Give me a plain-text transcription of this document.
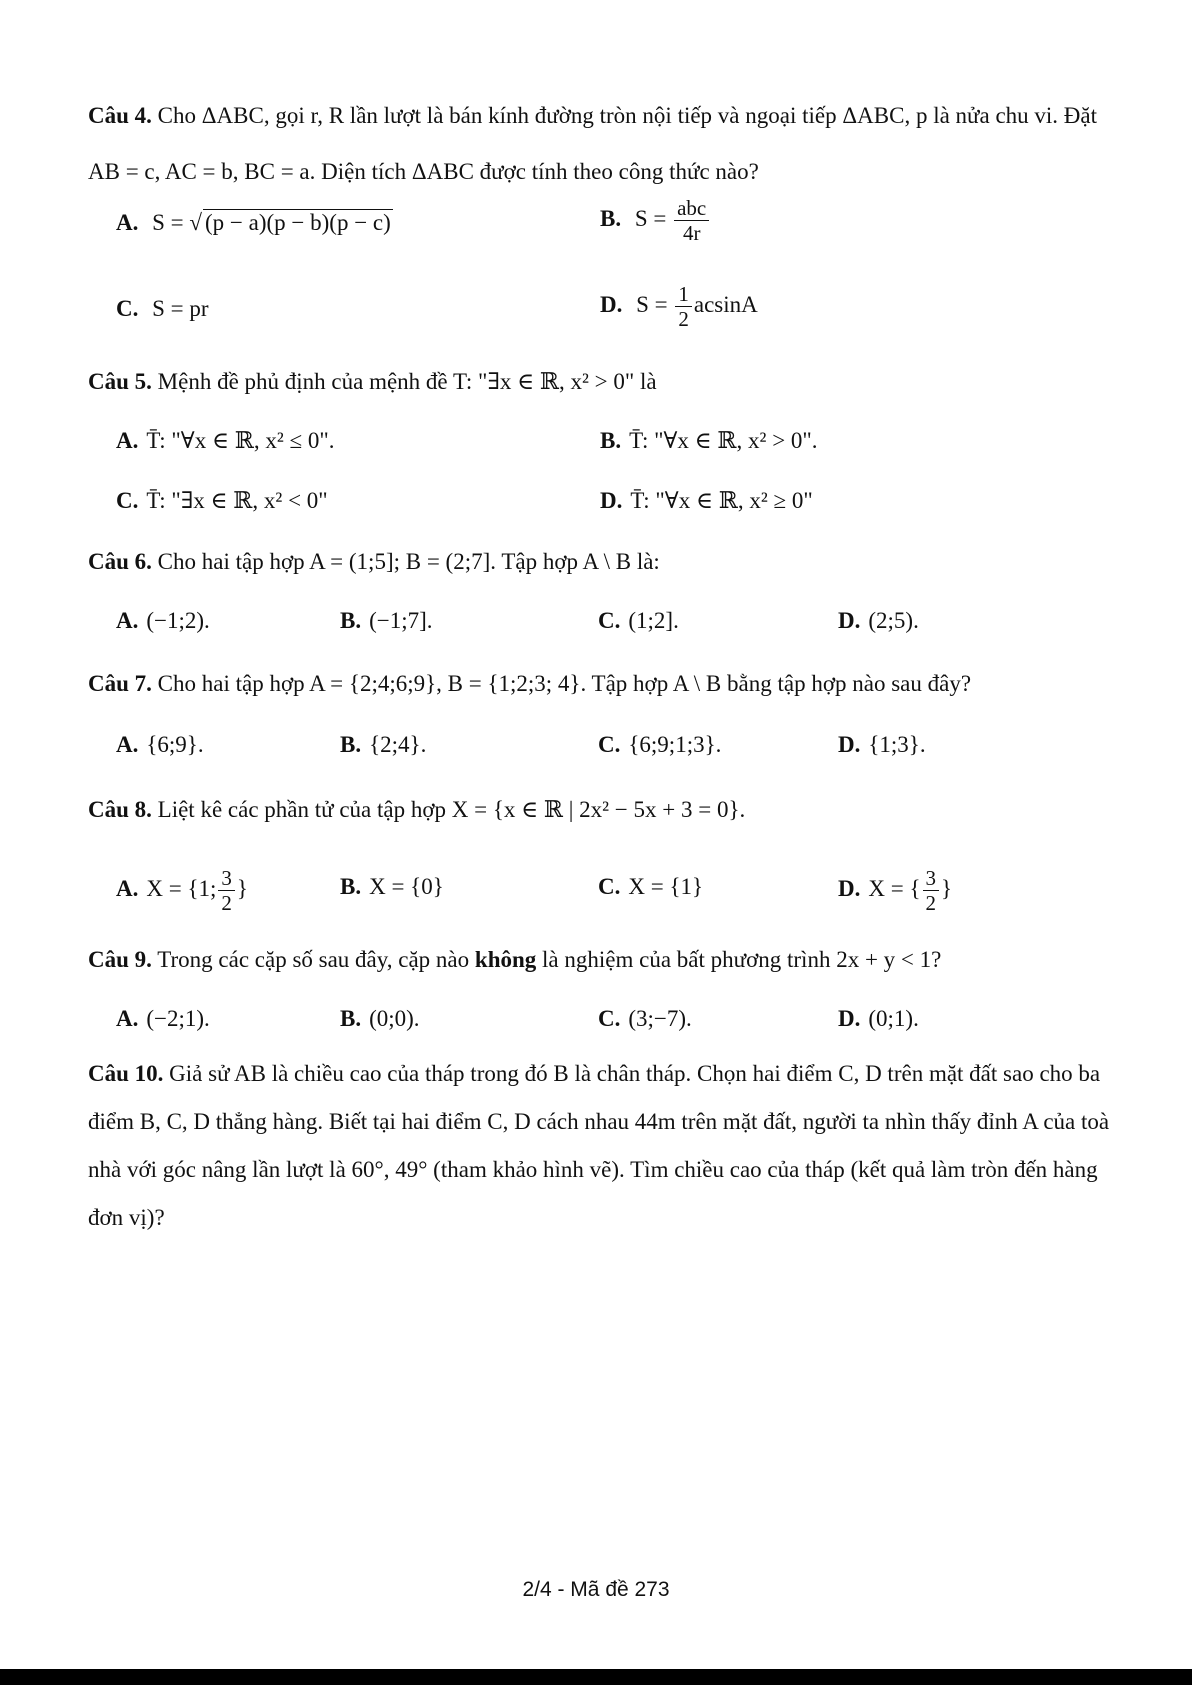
Câu 4. Cho ΔABC, gọi r, R lần lượt là bán kính đường tròn nội tiếp và ngoại tiếp ΔABC, p là nửa chu vi. Đặt AB = c, AC = b, BC = a. Diện tích ΔABC được tính theo công thức nào?

A. S = √ (p − a)(p − b)(p − c)	B. $S = \frac{\text{abc}}{4r}$
C. S = pr	D. $S = \frac{1}{2}$ acsinA

Câu 5. Mệnh đề phủ định của mệnh đề T: "∃x ∈ ℝ, x² > 0" là

A. T̄: "∀x ∈ ℝ, x² ≤ 0".	B. T̄: "∀x ∈ ℝ, x² > 0".
C. T̄: "∃x ∈ ℝ, x² < 0"	D. T̄: "∀x ∈ ℝ, x² ≥ 0"

Câu 6. Cho hai tập hợp A = (1;5]; B = (2;7]. Tập hợp A \ B là:

A. (−1;2).	B. (−1;7].	C. (1;2].	D. (2;5).

Câu 7. Cho hai tập hợp A = {2;4;6;9}, B = {1;2;3; 4}. Tập hợp A \ B bằng tập hợp nào sau đây?

A. {6;9}.	B. {2;4}.	C. {6;9;1;3}.	D. {1;3}.

Câu 8. Liệt kê các phần tử của tập hợp X = {x ∈ ℝ | 2x² − 5x + 3 = 0}.

A. X = {1; $\frac{3}{2}$ }	B. X = {0}	C. X = {1}	D. X = { $\frac{3}{2}$ }

Câu 9. Trong các cặp số sau đây, cặp nào không là nghiệm của bất phương trình 2x + y < 1?

A. (−2;1).	B. (0;0).	C. (3;−7).	D. (0;1).

Câu 10. Giả sử AB là chiều cao của tháp trong đó B là chân tháp. Chọn hai điểm C, D trên mặt đất sao cho ba điểm B, C, D thẳng hàng. Biết tại hai điểm C, D cách nhau 44m trên mặt đất, người ta nhìn thấy đỉnh A của toà nhà với góc nâng lần lượt là 60°, 49° (tham khảo hình vẽ). Tìm chiều cao của tháp (kết quả làm tròn đến hàng đơn vị)?

2/4 - Mã đề 273
